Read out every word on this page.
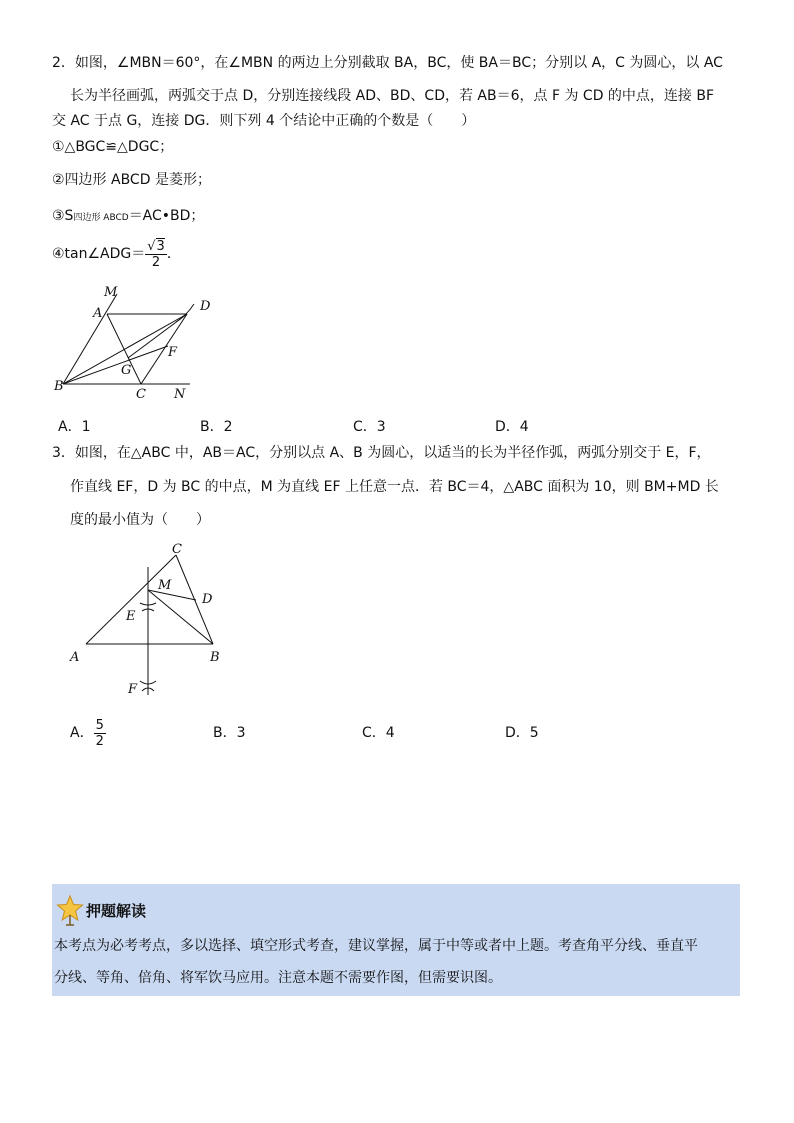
2．如图，∠MBN＝60°，在∠MBN 的两边上分别截取 BA，BC，使 BA＝BC；分别以 A，C 为圆心，以 AC
长为半径画弧，两弧交于点 D，分别连接线段 AD、BD、CD，若 AB＝6，点 F 为 CD 的中点，连接 BF
交 AC 于点 G，连接 DG．则下列 4 个结论中正确的个数是（　　）
①△BGC≌△DGC；
②四边形 ABCD 是菱形；
③S四边形 ABCD＝AC•BD；
④tan∠ADG＝ $\frac{√3}{2}$ ．
M
A	D
F
G
B
C N
A．1	B．2	C．3	D．4
3．如图，在△ABC 中，AB＝AC，分别以点 A、B 为圆心，以适当的长为半径作弧，两弧分别交于 E，F，
作直线 EF，D 为 BC 的中点，M 为直线 EF 上任意一点．若 BC＝4，△ABC 面积为 10，则 BM+MD 长
度的最小值为（　　）
C
M
D
E
A	B
F
A． $\frac{5}{2}$	B．3	C．4	D．5
押题解读
本考点为必考考点，多以选择、填空形式考查，建议掌握，属于中等或者中上题。考查角平分线、垂直平
分线、等角、倍角、将军饮马应用。注意本题不需要作图，但需要识图。
